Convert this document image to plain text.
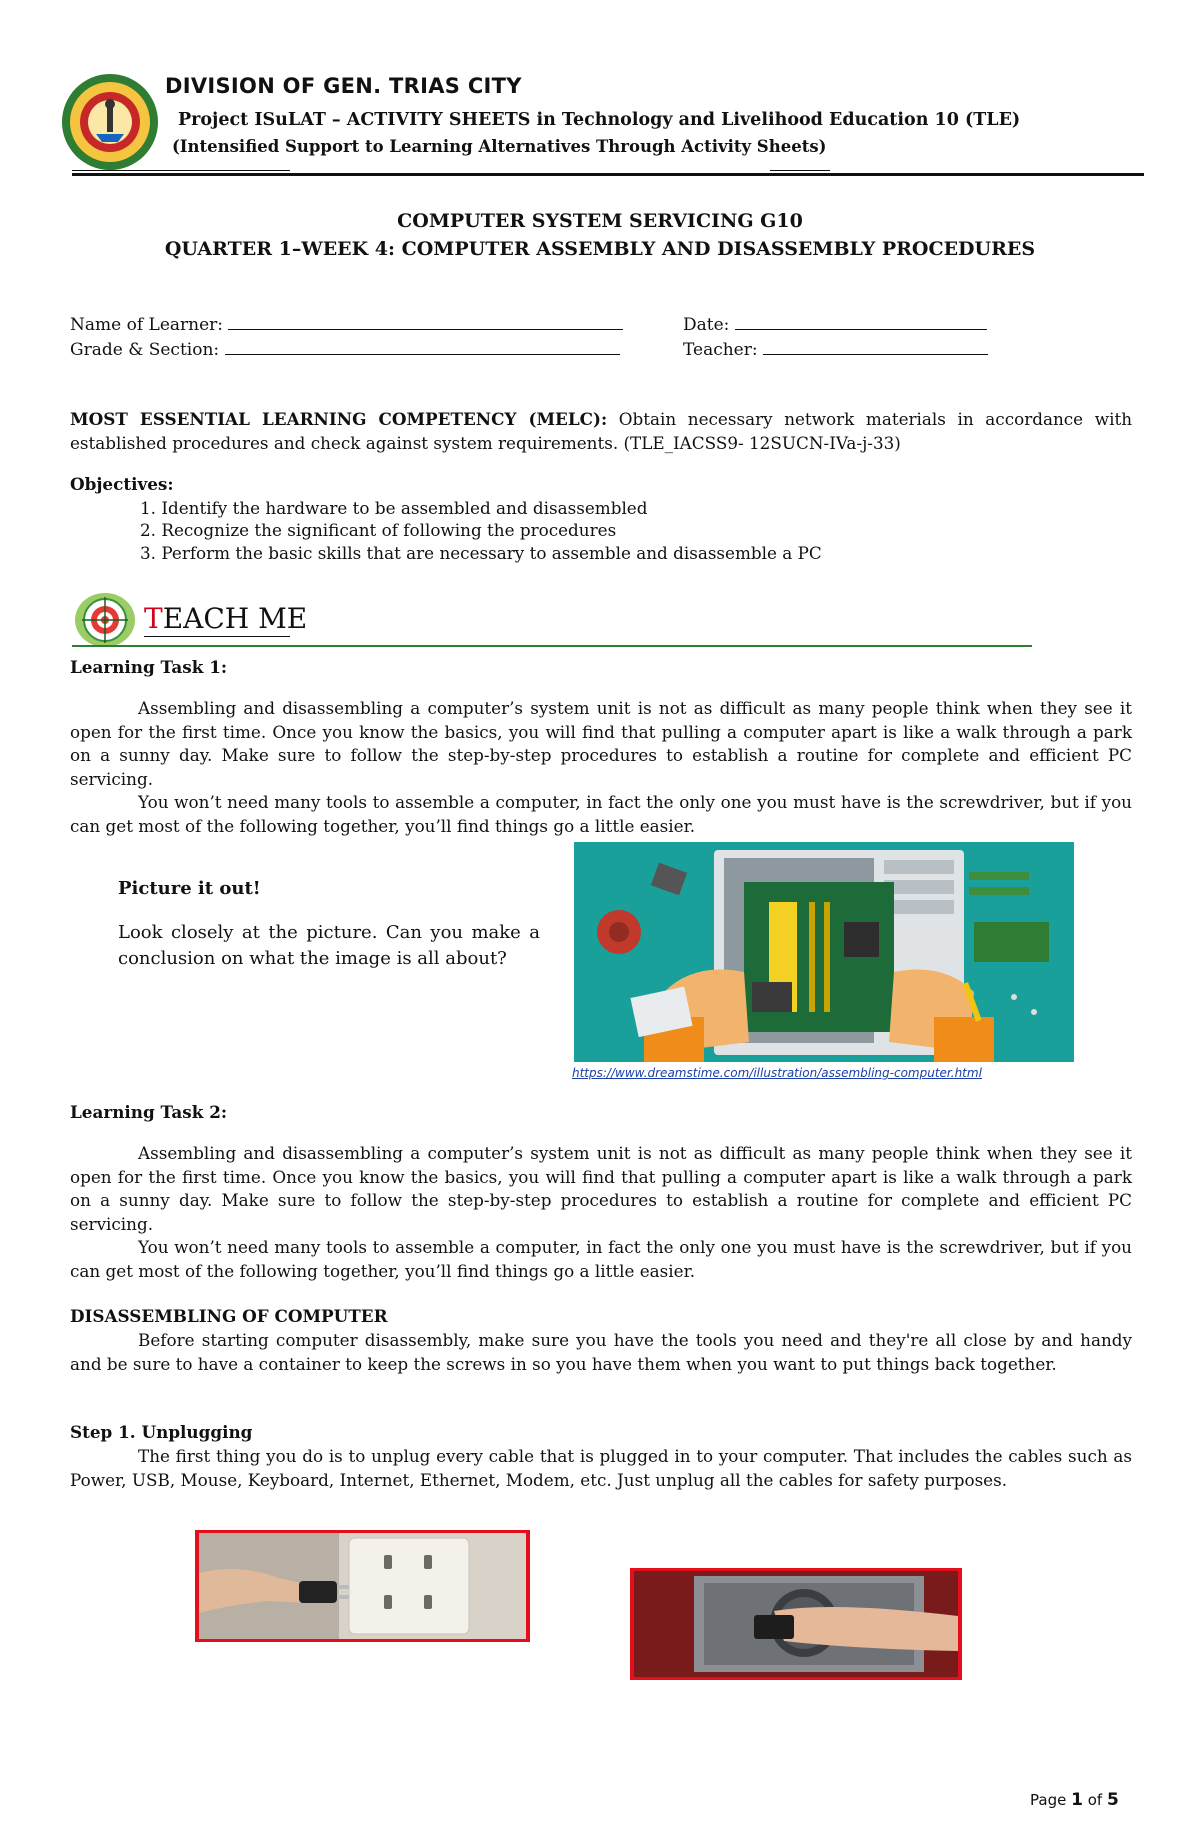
DIVISION OF GEN. TRIAS CITY
Project ISuLAT – ACTIVITY SHEETS in Technology and Livelihood Education 10 (TLE)
(Intensified Support to Learning Alternatives Through Activity Sheets)
COMPUTER SYSTEM SERVICING G10
QUARTER 1–WEEK 4: COMPUTER ASSEMBLY AND DISASSEMBLY PROCEDURES
Name of Learner:	Date:
Grade & Section:	Teacher:
MOST ESSENTIAL LEARNING COMPETENCY (MELC): Obtain necessary network materials in accordance with established procedures and check against system requirements. (TLE_IACSS9- 12SUCN-IVa-j-33)
Objectives:
1. Identify the hardware to be assembled and disassembled
2. Recognize the significant of following the procedures
3. Perform the basic skills that are necessary to assemble and disassemble a PC
TEACH ME
Learning Task 1:
Assembling and disassembling a computer’s system unit is not as difficult as many people think when they see it open for the first time. Once you know the basics, you will find that pulling a computer apart is like a walk through a park on a sunny day. Make sure to follow the step-by-step procedures to establish a routine for complete and efficient PC servicing.
You won’t need many tools to assemble a computer, in fact the only one you must have is the screwdriver, but if you can get most of the following together, you’ll find things go a little easier.
Picture it out!
Look closely at the picture. Can you make a conclusion on what the image is all about?
https://www.dreamstime.com/illustration/assembling-computer.html
Learning Task 2:
Assembling and disassembling a computer’s system unit is not as difficult as many people think when they see it open for the first time. Once you know the basics, you will find that pulling a computer apart is like a walk through a park on a sunny day. Make sure to follow the step-by-step procedures to establish a routine for complete and efficient PC servicing.
You won’t need many tools to assemble a computer, in fact the only one you must have is the screwdriver, but if you can get most of the following together, you’ll find things go a little easier.
DISASSEMBLING OF COMPUTER
Before starting computer disassembly, make sure you have the tools you need and they're all close by and handy and be sure to have a container to keep the screws in so you have them when you want to put things back together.
Step 1. Unplugging
The first thing you do is to unplug every cable that is plugged in to your computer. That includes the cables such as Power, USB, Mouse, Keyboard, Internet, Ethernet, Modem, etc. Just unplug all the cables for safety purposes.
Page 1 of 5
